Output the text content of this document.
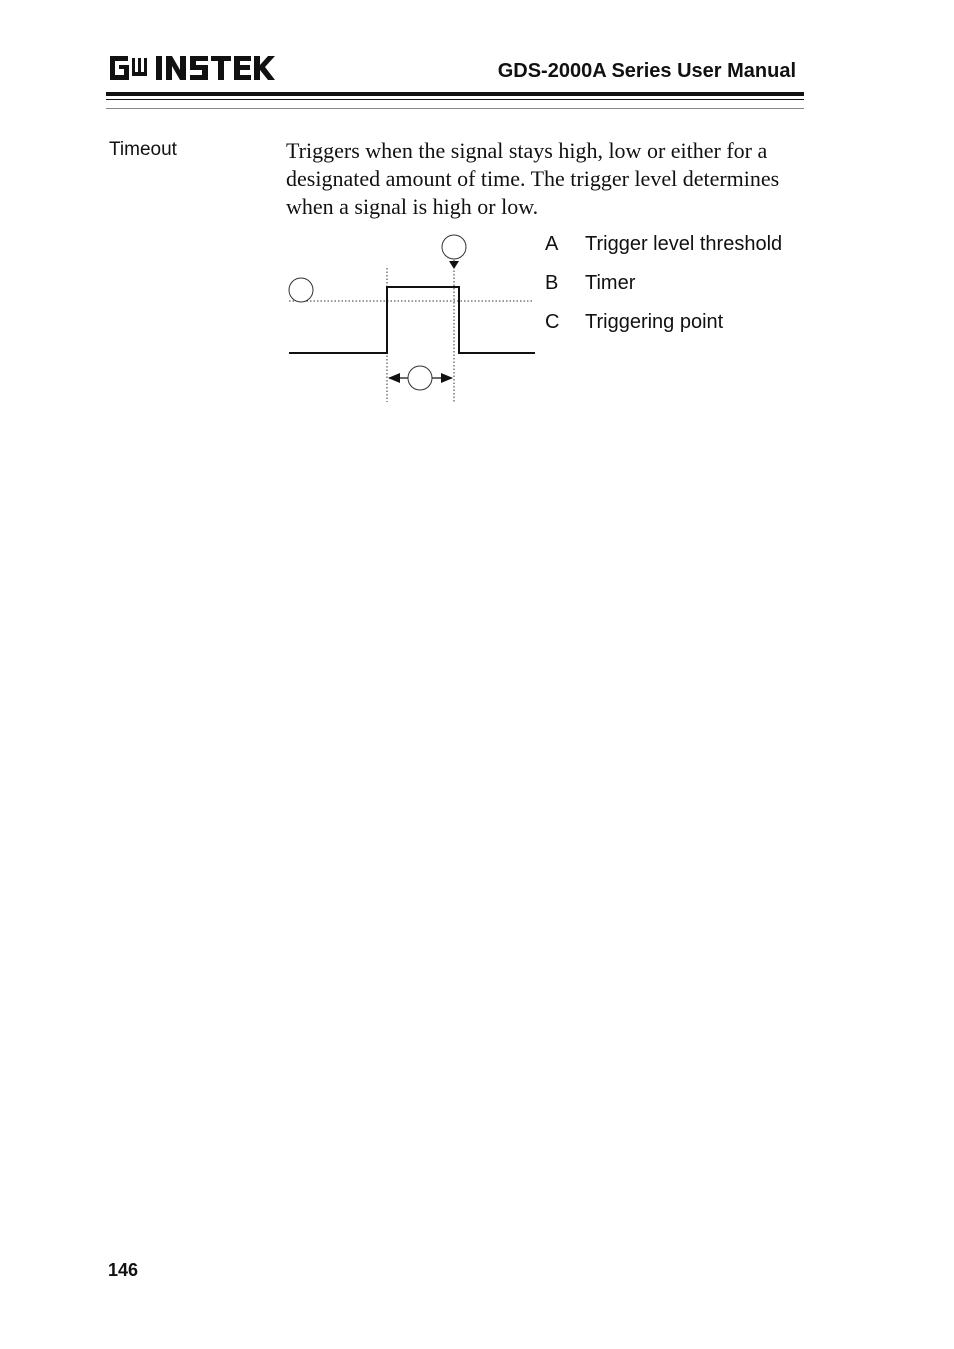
GDS-2000A Series User Manual
Timeout	Triggers when the signal stays high, low or either for a designated amount of time. The trigger level determines when a signal is high or low.

A	Trigger level threshold
B	Timer
C	Triggering point
146
